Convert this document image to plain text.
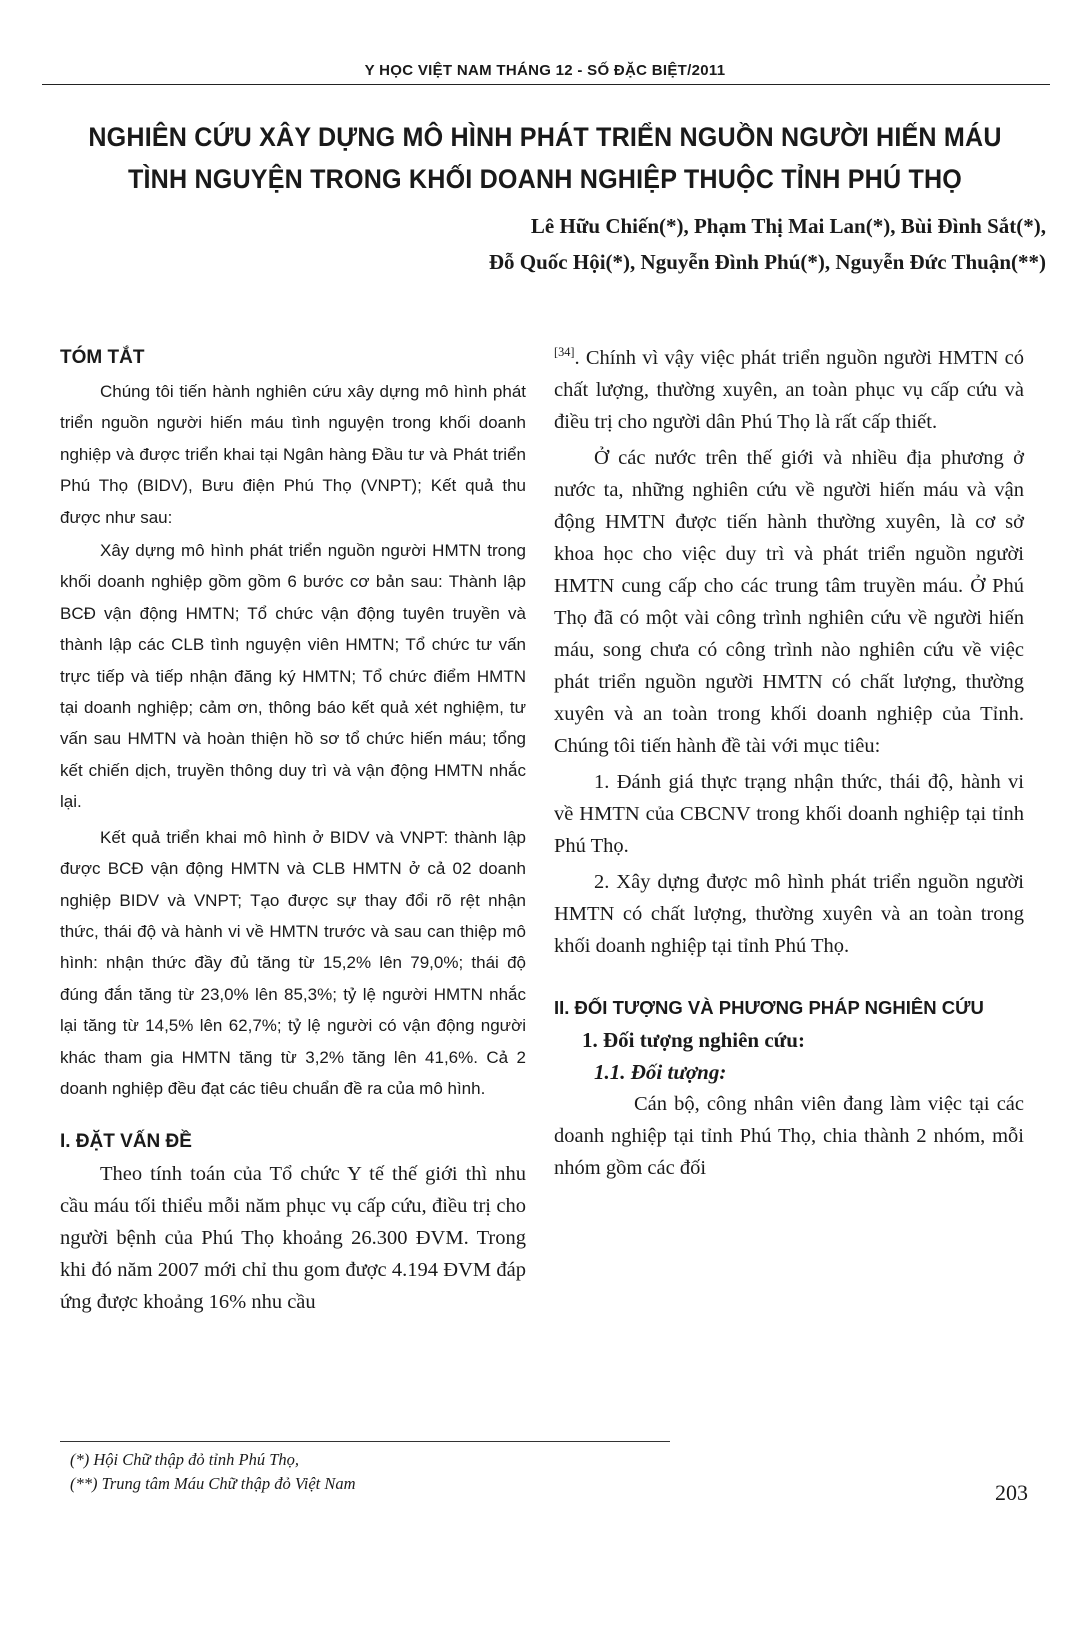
Y HỌC VIỆT NAM THÁNG 12 - SỐ ĐẶC BIỆT/2011
NGHIÊN CỨU XÂY DỰNG MÔ HÌNH PHÁT TRIỂN NGUỒN NGƯỜI HIẾN MÁU
TÌNH NGUYỆN TRONG KHỐI DOANH NGHIỆP THUỘC TỈNH PHÚ THỌ
Lê Hữu Chiến(*), Phạm Thị Mai Lan(*), Bùi Đình Sắt(*),
Đỗ Quốc Hội(*), Nguyễn Đình Phú(*), Nguyễn Đức Thuận(**)
TÓM TẮT

Chúng tôi tiến hành nghiên cứu xây dựng mô hình phát triển nguồn người hiến máu tình nguyện trong khối doanh nghiệp và được triển khai tại Ngân hàng Đầu tư và Phát triển Phú Thọ (BIDV), Bưu điện Phú Thọ (VNPT); Kết quả thu được như sau:

Xây dựng mô hình phát triển nguồn người HMTN trong khối doanh nghiệp gồm gồm 6 bước cơ bản sau: Thành lập BCĐ vận động HMTN; Tổ chức vận động tuyên truyền và thành lập các CLB tình nguyện viên HMTN; Tổ chức tư vấn trực tiếp và tiếp nhận đăng ký HMTN; Tổ chức điểm HMTN tại doanh nghiệp; cảm ơn, thông báo kết quả xét nghiệm, tư vấn sau HMTN và hoàn thiện hồ sơ tổ chức hiến máu; tổng kết chiến dịch, truyền thông duy trì và vận động HMTN nhắc lại.

Kết quả triển khai mô hình ở BIDV và VNPT: thành lập được BCĐ vận động HMTN và CLB HMTN ở cả 02 doanh nghiệp BIDV và VNPT; Tạo được sự thay đổi rõ rệt nhận thức, thái độ và hành vi về HMTN trước và sau can thiệp mô hình: nhận thức đầy đủ tăng từ 15,2% lên 79,0%; thái độ đúng đắn tăng từ 23,0% lên 85,3%; tỷ lệ người HMTN nhắc lại tăng từ 14,5% lên 62,7%; tỷ lệ người có vận động người khác tham gia HMTN tăng từ 3,2% tăng lên 41,6%. Cả 2 doanh nghiệp đều đạt các tiêu chuẩn đề ra của mô hình.

I. ĐẶT VẤN ĐỀ

Theo tính toán của Tổ chức Y tế thế giới thì nhu cầu máu tối thiểu mỗi năm phục vụ cấp cứu, điều trị cho người bệnh của Phú Thọ khoảng 26.300 ĐVM. Trong khi đó năm 2007 mới chỉ thu gom được 4.194 ĐVM đáp ứng được khoảng 16% nhu cầu

[34]. Chính vì vậy việc phát triển nguồn người HMTN có chất lượng, thường xuyên, an toàn phục vụ cấp cứu và điều trị cho người dân Phú Thọ là rất cấp thiết.

Ở các nước trên thế giới và nhiều địa phương ở nước ta, những nghiên cứu về người hiến máu và vận động HMTN được tiến hành thường xuyên, là cơ sở khoa học cho việc duy trì và phát triển nguồn người HMTN cung cấp cho các trung tâm truyền máu. Ở Phú Thọ đã có một vài công trình nghiên cứu về người hiến máu, song chưa có công trình nào nghiên cứu về việc phát triển nguồn người HMTN có chất lượng, thường xuyên và an toàn trong khối doanh nghiệp của Tỉnh. Chúng tôi tiến hành đề tài với mục tiêu:

1. Đánh giá thực trạng nhận thức, thái độ, hành vi về HMTN của CBCNV trong khối doanh nghiệp tại tỉnh Phú Thọ.

2. Xây dựng được mô hình phát triển nguồn người HMTN có chất lượng, thường xuyên và an toàn trong khối doanh nghiệp tại tỉnh Phú Thọ.

II. ĐỐI TƯỢNG VÀ PHƯƠNG PHÁP NGHIÊN CỨU
1. Đối tượng nghiên cứu:
1.1. Đối tượng:

Cán bộ, công nhân viên đang làm việc tại các doanh nghiệp tại tỉnh Phú Thọ, chia thành 2 nhóm, mỗi nhóm gồm các đối

(*) Hội Chữ thập đỏ tỉnh Phú Thọ,
(**) Trung tâm Máu Chữ thập đỏ Việt Nam	203
